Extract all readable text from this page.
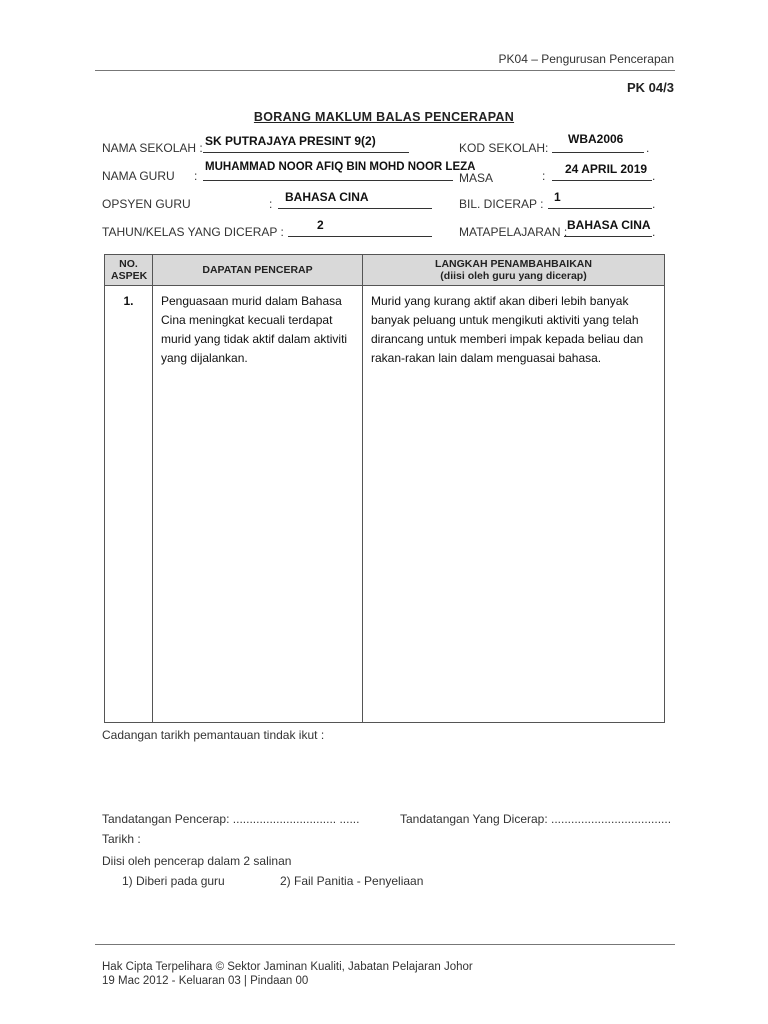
PK04 – Pengurusan Pencerapan
PK 04/3
BORANG MAKLUM BALAS PENCERAPAN
NAMA SEKOLAH : SK PUTRAJAYA PRESINT 9(2)	KOD SEKOLAH:
WBA2006
.
NAMA GURU :
MUHAMMAD NOOR AFIQ BIN MOHD NOOR LEZA
MASA	: 24 APRIL 2019 .
OPSYEN GURU	: BAHASA CINA	BIL. DICERAP : 1	.
TAHUN/KELAS YANG DICERAP :	2	MATAPELAJARAN : BAHASA CINA .
NO. ASPEK	DAPATAN PENCERAP	LANGKAH PENAMBAHBAIKAN
(diisi oleh guru yang dicerap)

1.	Penguasaan murid dalam Bahasa Cina meningkat kecuali terdapat murid yang tidak aktif dalam aktiviti yang dijalankan.	Murid yang kurang aktif akan diberi lebih banyak banyak peluang untuk mengikuti aktiviti yang telah dirancang untuk memberi impak kepada beliau dan rakan-rakan lain dalam menguasai bahasa.
Cadangan tarikh pemantauan tindak ikut :
Tandatangan Pencerap: ............................... ......	Tandatangan Yang Dicerap: ....................................
Tarikh :
Diisi oleh pencerap dalam 2 salinan
1) Diberi pada guru	2) Fail Panitia - Penyeliaan
Hak Cipta Terpelihara © Sektor Jaminan Kualiti, Jabatan Pelajaran Johor
19 Mac 2012 - Keluaran 03 | Pindaan 00
